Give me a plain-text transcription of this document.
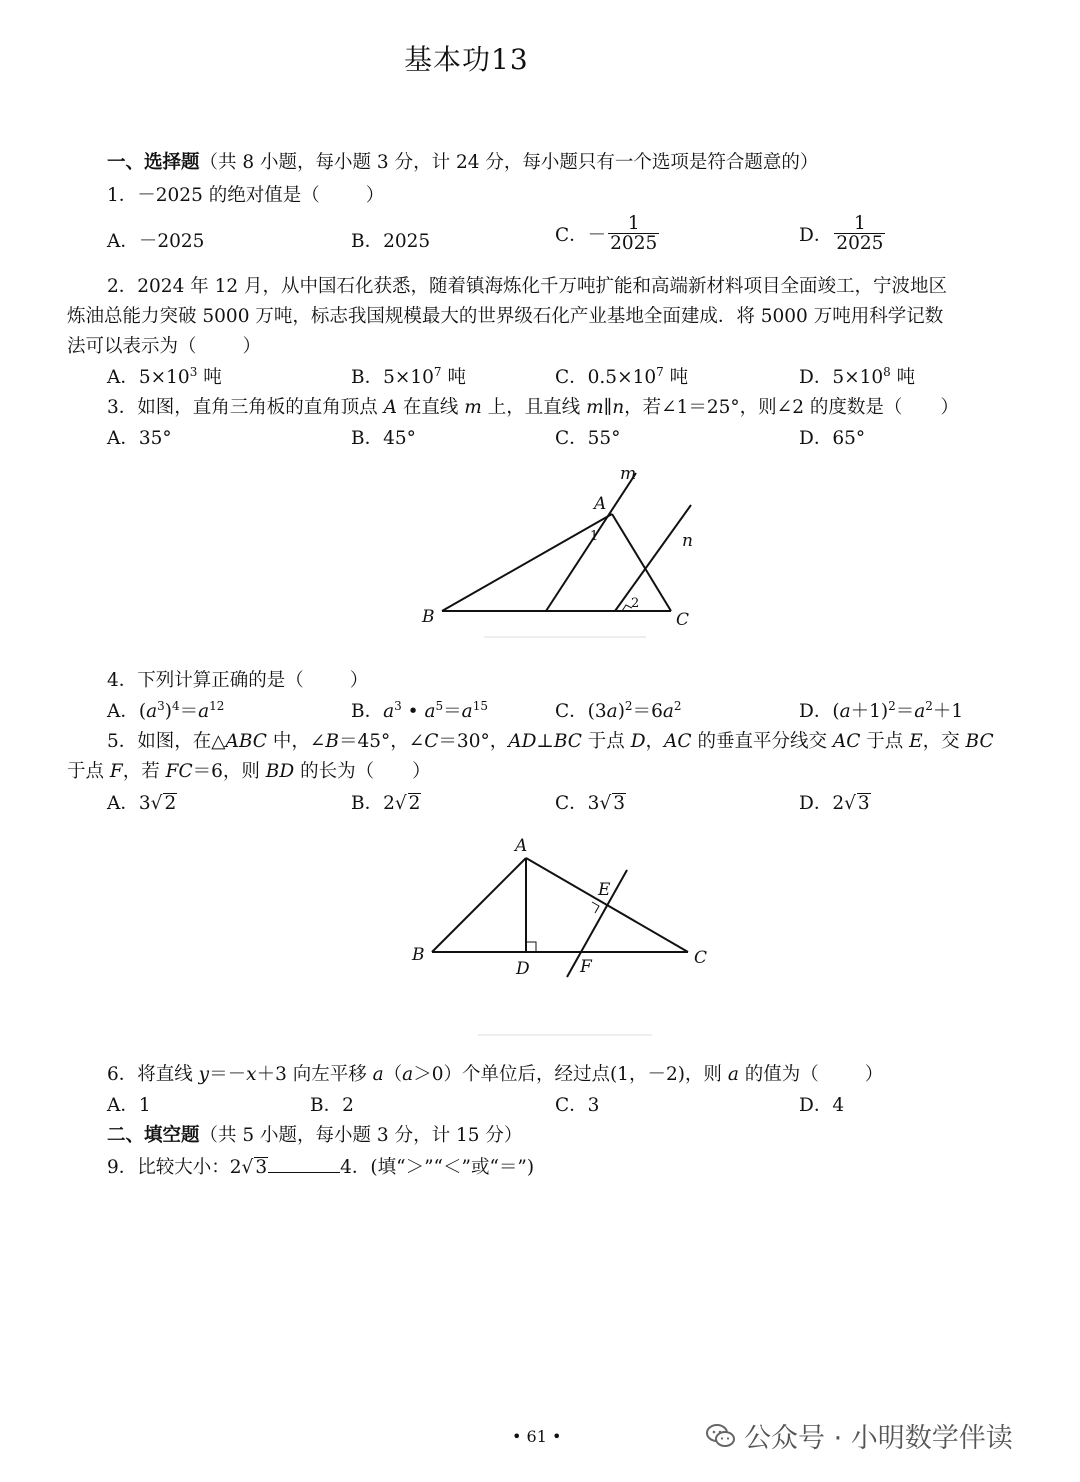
基本功13
一、选择题（共 8 小题，每小题 3 分，计 24 分，每小题只有一个选项是符合题意的）
1．－2025 的绝对值是（ ）
A．－2025	B．2025	C．－ $\frac{1}{2025}$	D． $\frac{1}{2025}$
2．2024 年 12 月，从中国石化获悉，随着镇海炼化千万吨扩能和高端新材料项目全面竣工，宁波地区
炼油总能力突破 5000 万吨，标志我国规模最大的世界级石化产业基地全面建成．将 5000 万吨用科学记数
法可以表示为（ ）
A．$5\times 10^3$ 吨	B．$5\times 10^7$ 吨	C．$0.5\times 10^7$ 吨	D．$5\times 10^8$ 吨
3．如图，直角三角板的直角顶点 A 在直线 m 上，且直线 m∥n，若∠1＝25°，则∠2 的度数是（ ）
A．35°	B．45°	C．55°	D．65°
m
n
A
B	C
1
2
4．下列计算正确的是（ ）
A．$(a^3)^4=a^{12}$	B．$a^3$ • $a^5=a^{15}$	C．$(3a)^2=6a^2$	D．$(a+1)^2=a^2+1$
5．如图，在△ABC 中，∠B＝45°，∠C＝30°，AD⊥BC 于点 D，AC 的垂直平分线交 AC 于点 E，交 BC
于点 F，若 FC＝6，则 BD 的长为（ ）
A．3√ 2	B．2√ 2	C．3√ 3	D．2√ 3
A
B	C
D
E
F
6．将直线 y＝－x＋3 向左平移 a（a＞0）个单位后，经过点(1，－2)，则 a 的值为（ ）
A．1	B．2	C．3	D．4
二、填空题（共 5 小题，每小题 3 分，计 15 分）
9．比较大小：2√ 3	4．(填“＞”“＜”或“＝”)
• 61 •	公众号 · 小明数学伴读
